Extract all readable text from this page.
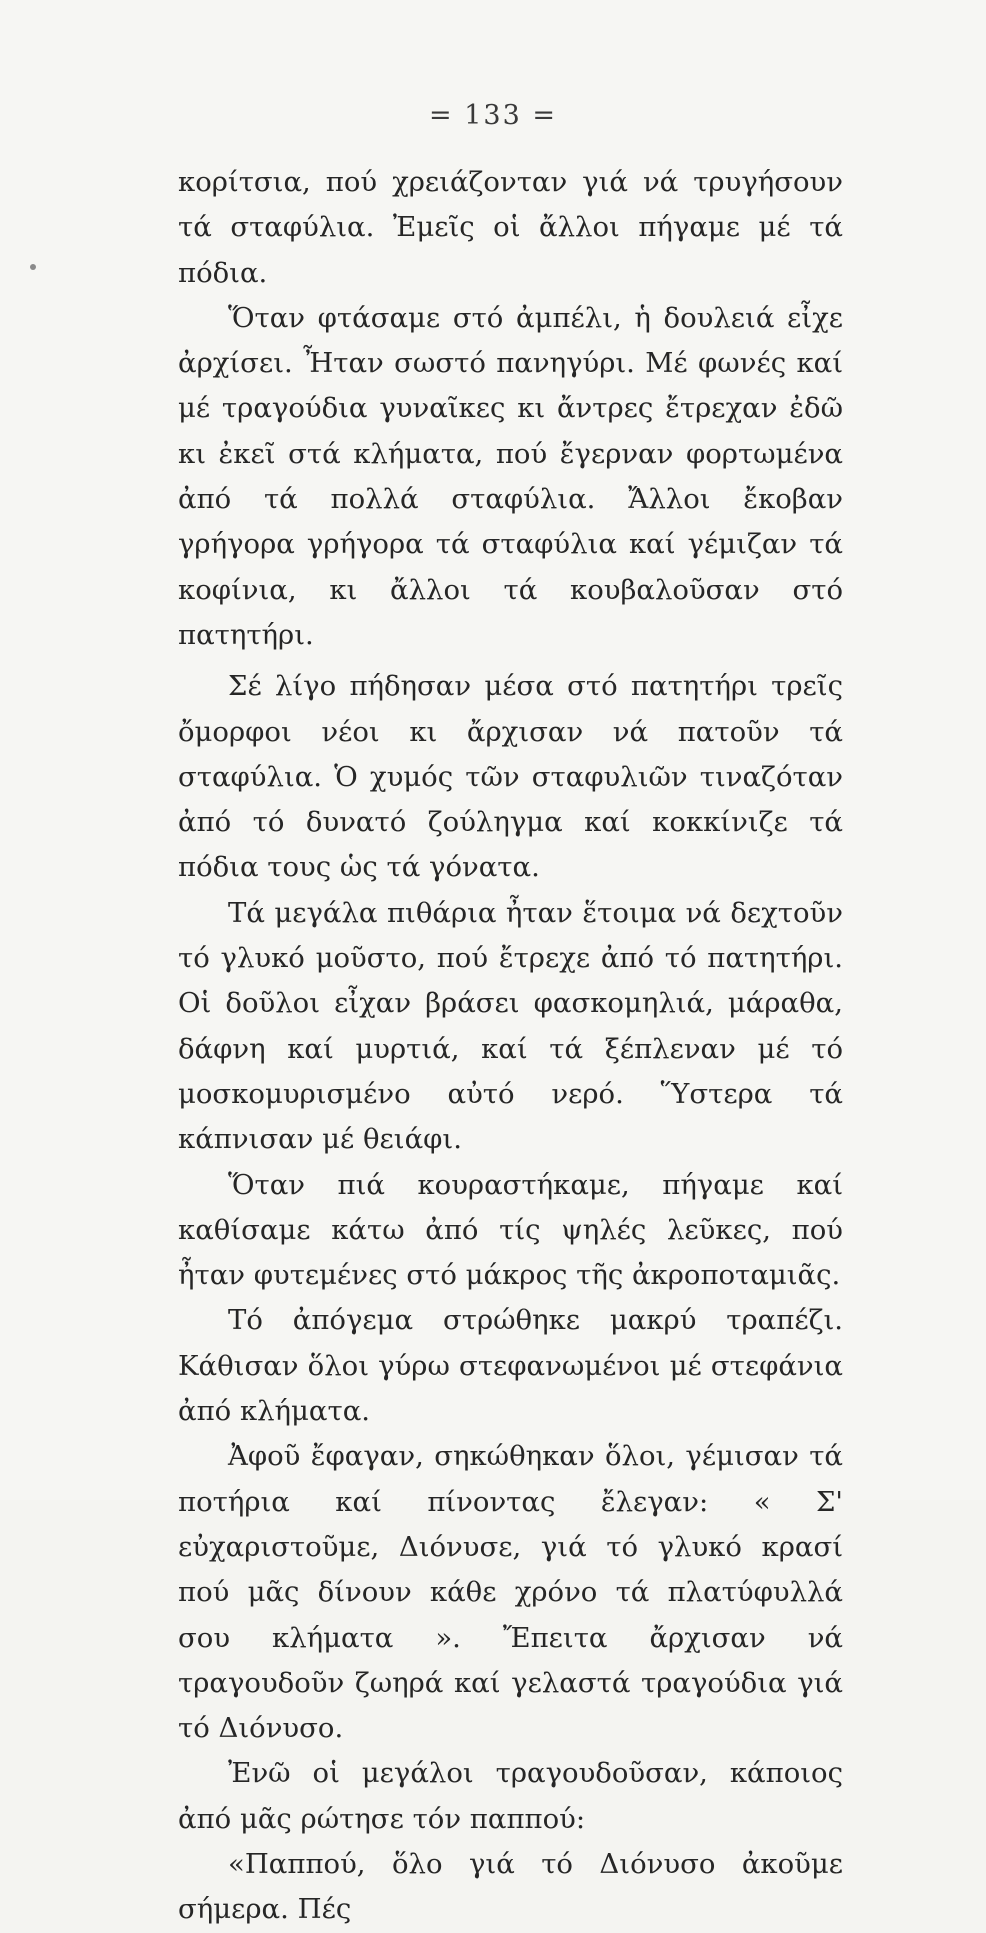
= 133 =

κορίτσια, πού χρειάζονταν γιά νά τρυγήσουν τά σταφύλια. Ἐμεῖς οἱ ἄλλοι πήγαμε μέ τά πόδια.

Ὅταν φτάσαμε στό ἀμπέλι, ἡ δουλειά εἶχε ἀρχίσει. Ἦταν σωστό πανηγύρι. Μέ φωνές καί μέ τραγούδια γυναῖκες κι ἄντρες ἔτρεχαν ἐδῶ κι ἐκεῖ στά κλήματα, πού ἔγερναν φορτωμένα ἀπό τά πολλά σταφύλια. Ἄλλοι ἔκοβαν γρήγορα γρήγορα τά σταφύλια καί γέμιζαν τά κοφίνια, κι ἄλλοι τά κουβαλοῦσαν στό πατητήρι.

Σέ λίγο πήδησαν μέσα στό πατητήρι τρεῖς ὄμορφοι νέοι κι ἄρχισαν νά πατοῦν τά σταφύλια. Ὁ χυμός τῶν σταφυλιῶν τιναζόταν ἀπό τό δυνατό ζούληγμα καί κοκκίνιζε τά πόδια τους ὡς τά γόνατα.

Τά μεγάλα πιθάρια ἦταν ἕτοιμα νά δεχτοῦν τό γλυκό μοῦστο, πού ἔτρεχε ἀπό τό πατητήρι. Οἱ δοῦλοι εἶχαν βράσει φασκομηλιά, μάραθα, δάφνη καί μυρτιά, καί τά ξέπλεναν μέ τό μοσκομυρισμένο αὐτό νερό. Ὕστερα τά κάπνισαν μέ θειάφι.

Ὅταν πιά κουραστήκαμε, πήγαμε καί καθίσαμε κάτω ἀπό τίς ψηλές λεῦκες, πού ἦταν φυτεμένες στό μάκρος τῆς ἀκροποταμιᾶς.

Τό ἀπόγεμα στρώθηκε μακρύ τραπέζι. Κάθισαν ὅλοι γύρω στεφανωμένοι μέ στεφάνια ἀπό κλήματα.

Ἀφοῦ ἔφαγαν, σηκώθηκαν ὅλοι, γέμισαν τά ποτήρια καί πίνοντας ἔλεγαν: « Σ' εὐχαριστοῦμε, Διόνυσε, γιά τό γλυκό κρασί πού μᾶς δίνουν κάθε χρόνο τά πλατύφυλλά σου κλήματα ». Ἔπειτα ἄρχισαν νά τραγουδοῦν ζωηρά καί γελαστά τραγούδια γιά τό Διόνυσο.

Ἐνῶ οἱ μεγάλοι τραγουδοῦσαν, κάποιος ἀπό μᾶς ρώτησε τόν παππού:

«Παππού, ὅλο γιά τό Διόνυσο ἀκοῦμε σήμερα. Πές
